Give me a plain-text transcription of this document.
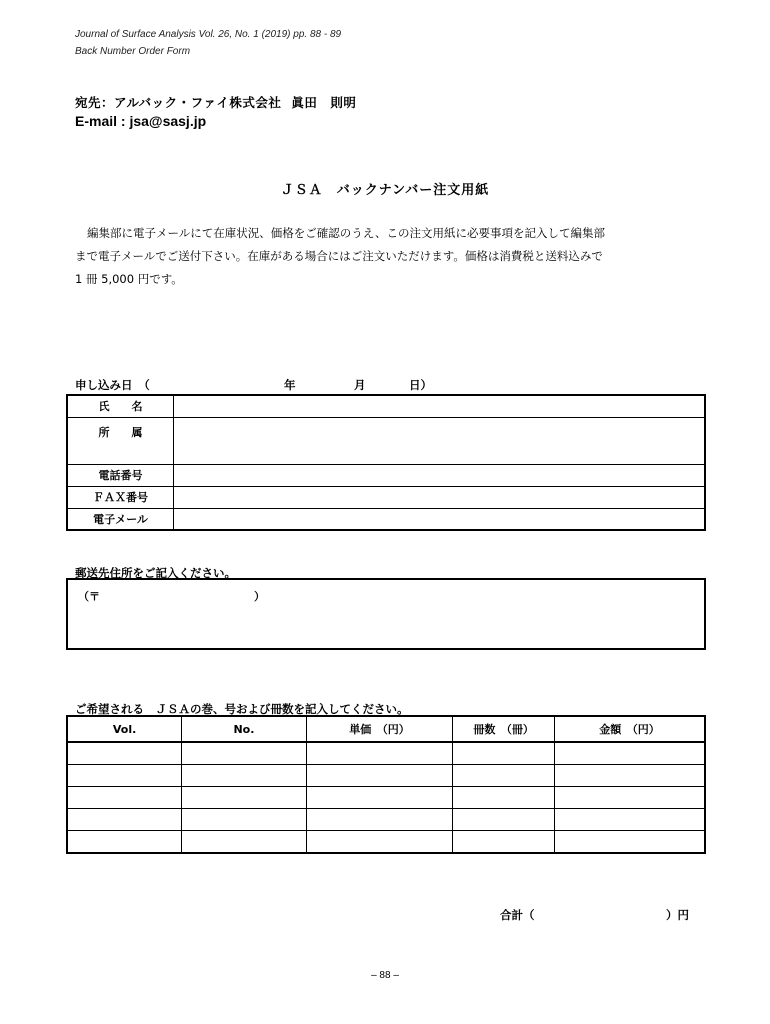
Journal of Surface Analysis Vol. 26, No. 1 (2019) pp. 88 - 89
Back Number Order Form
宛先：アルバック・ファイ株式会社 眞田　則明
E-mail : jsa@sasj.jp
ＪＳＡ　バックナンバー注文用紙

編集部に電子メールにて在庫状況、価格をご確認のうえ、この注文用紙に必要事項を記入して編集部

まで電子メールでご送付下さい。在庫がある場合にはご注文いただけます。価格は消費税と送料込みで

1 冊 5,000 円です。

申し込み日　（	年	月	日）
氏　　名	
所　　属	
電話番号	
ＦＡＸ番号	
電子メール	
郵送先住所をご記入ください。
（〒	）
ご希望される　ＪＳＡの巻、号および冊数を記入してください。
Vol.	No.	単価　（円）	冊数　（冊）	金額　（円）

合計（	）円
– 88 –
